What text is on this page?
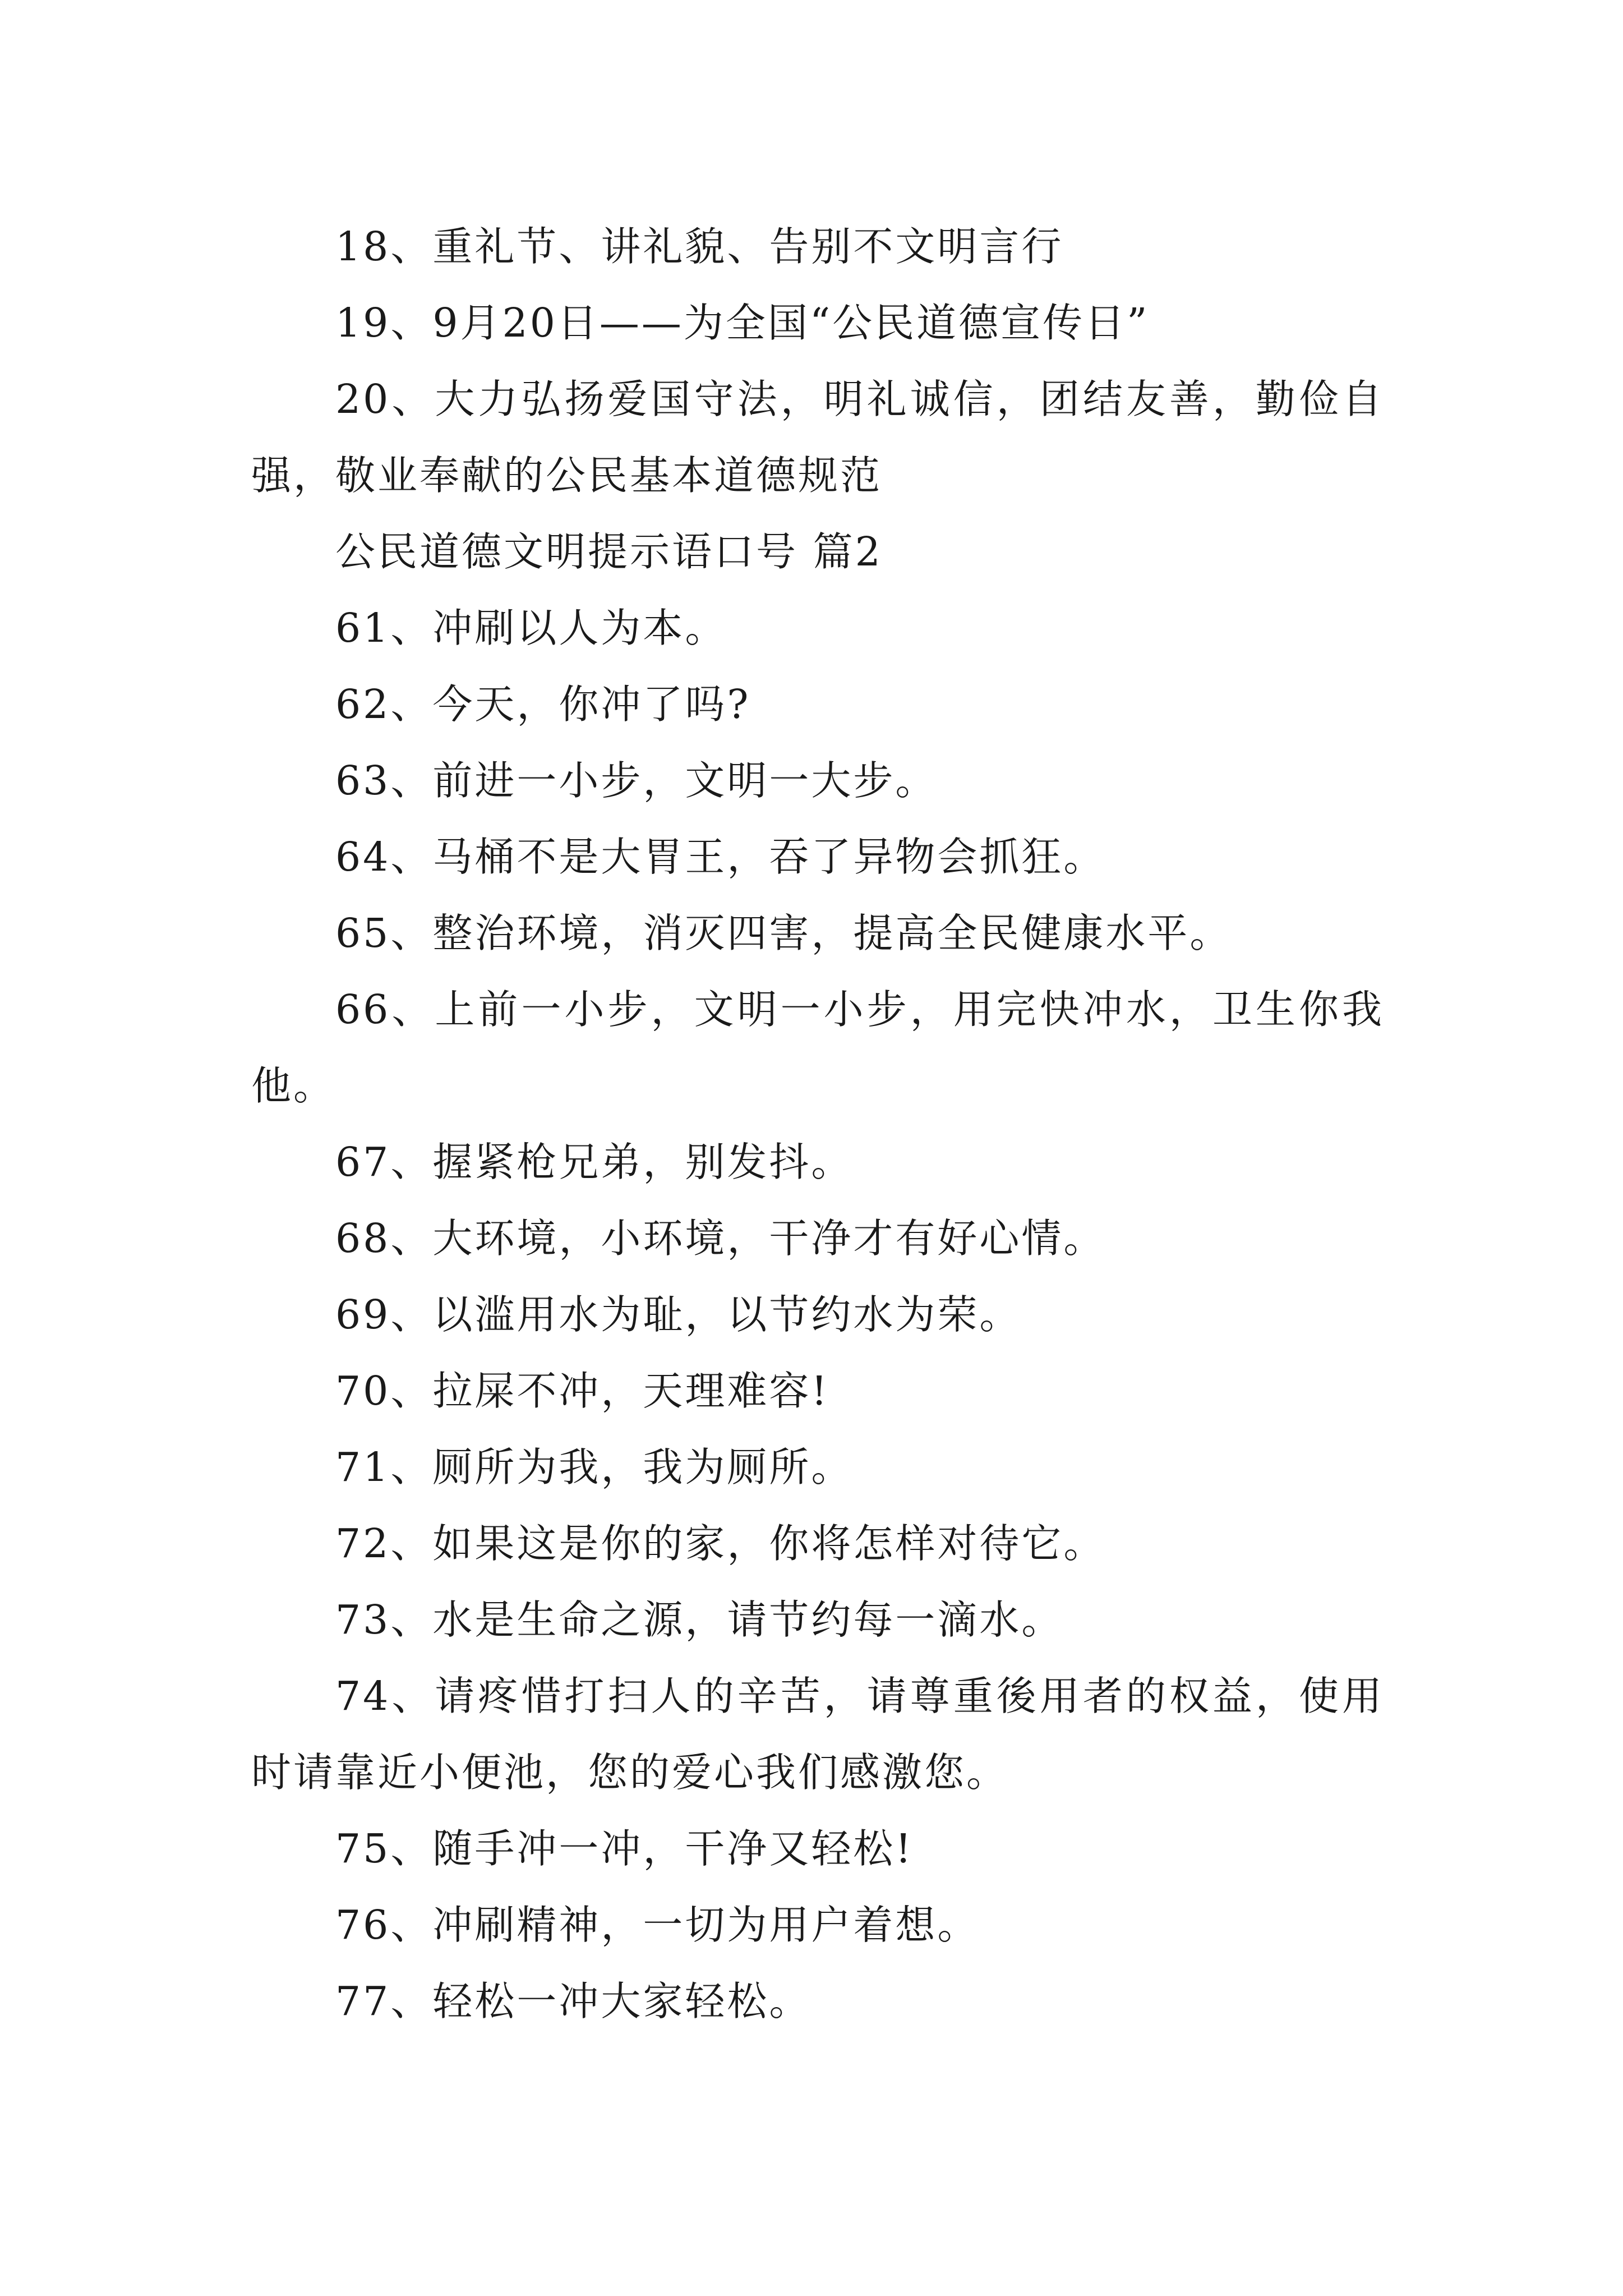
18、重礼节、讲礼貌、告别不文明言行

19、9月20日——为全国“公民道德宣传日”

20、大力弘扬爱国守法，明礼诚信，团结友善，勤俭自强，敬业奉献的公民基本道德规范

公民道德文明提示语口号 篇2

61、冲刷以人为本。

62、今天，你冲了吗?

63、前进一小步，文明一大步。

64、马桶不是大胃王，吞了异物会抓狂。

65、整治环境，消灭四害，提高全民健康水平。

66、上前一小步，文明一小步，用完快冲水，卫生你我他。

67、握紧枪兄弟，别发抖。

68、大环境，小环境，干净才有好心情。

69、以滥用水为耻，以节约水为荣。

70、拉屎不冲，天理难容!

71、厕所为我，我为厕所。

72、如果这是你的家，你将怎样对待它。

73、水是生命之源，请节约每一滴水。

74、请疼惜打扫人的辛苦，请尊重後用者的权益，使用时请靠近小便池，您的爱心我们感激您。

75、随手冲一冲，干净又轻松!

76、冲刷精神，一切为用户着想。

77、轻松一冲大家轻松。
